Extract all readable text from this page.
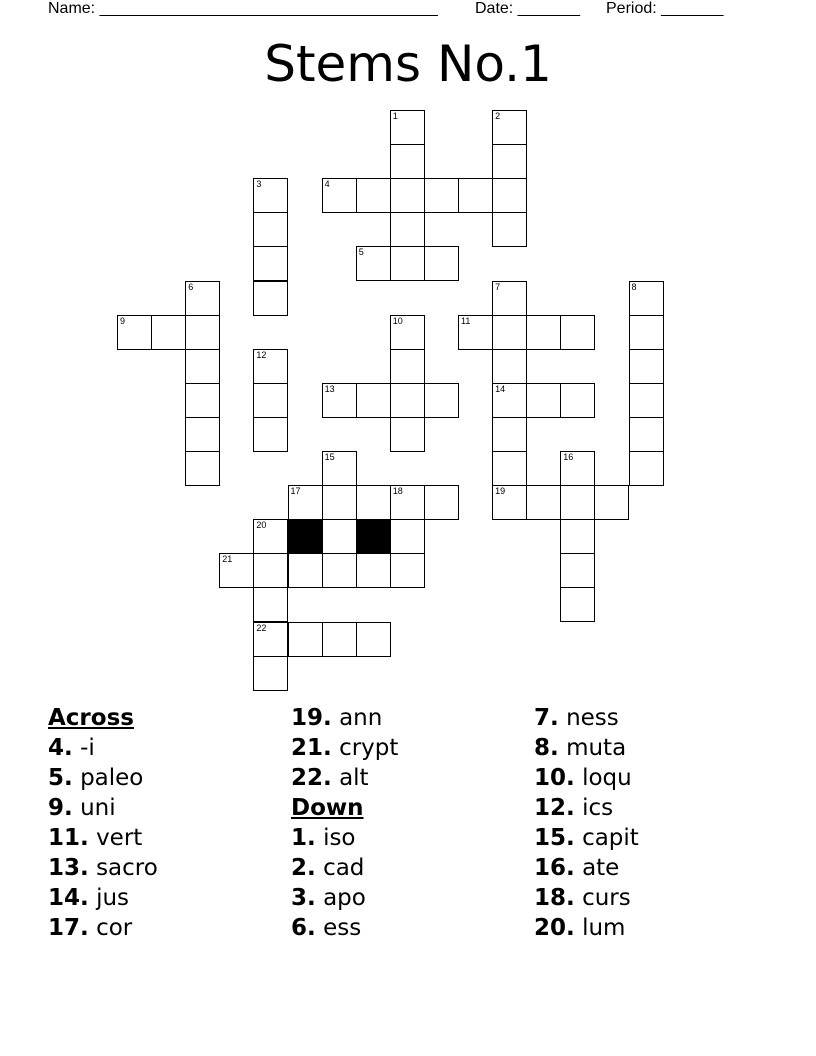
Name: ______________________________________ Date: _______ Period: _______
Stems No.1
1	2
3	4
5
6	7	8
9	10	11
12
13	14
15	16
17	18	19
20
21
22
Across
4. -i
5. paleo
9. uni
11. vert
13. sacro
14. jus
17. cor
19. ann
21. crypt
22. alt
Down
1. iso
2. cad
3. apo
6. ess
7. ness
8. muta
10. loqu
12. ics
15. capit
16. ate
18. curs
20. lum
